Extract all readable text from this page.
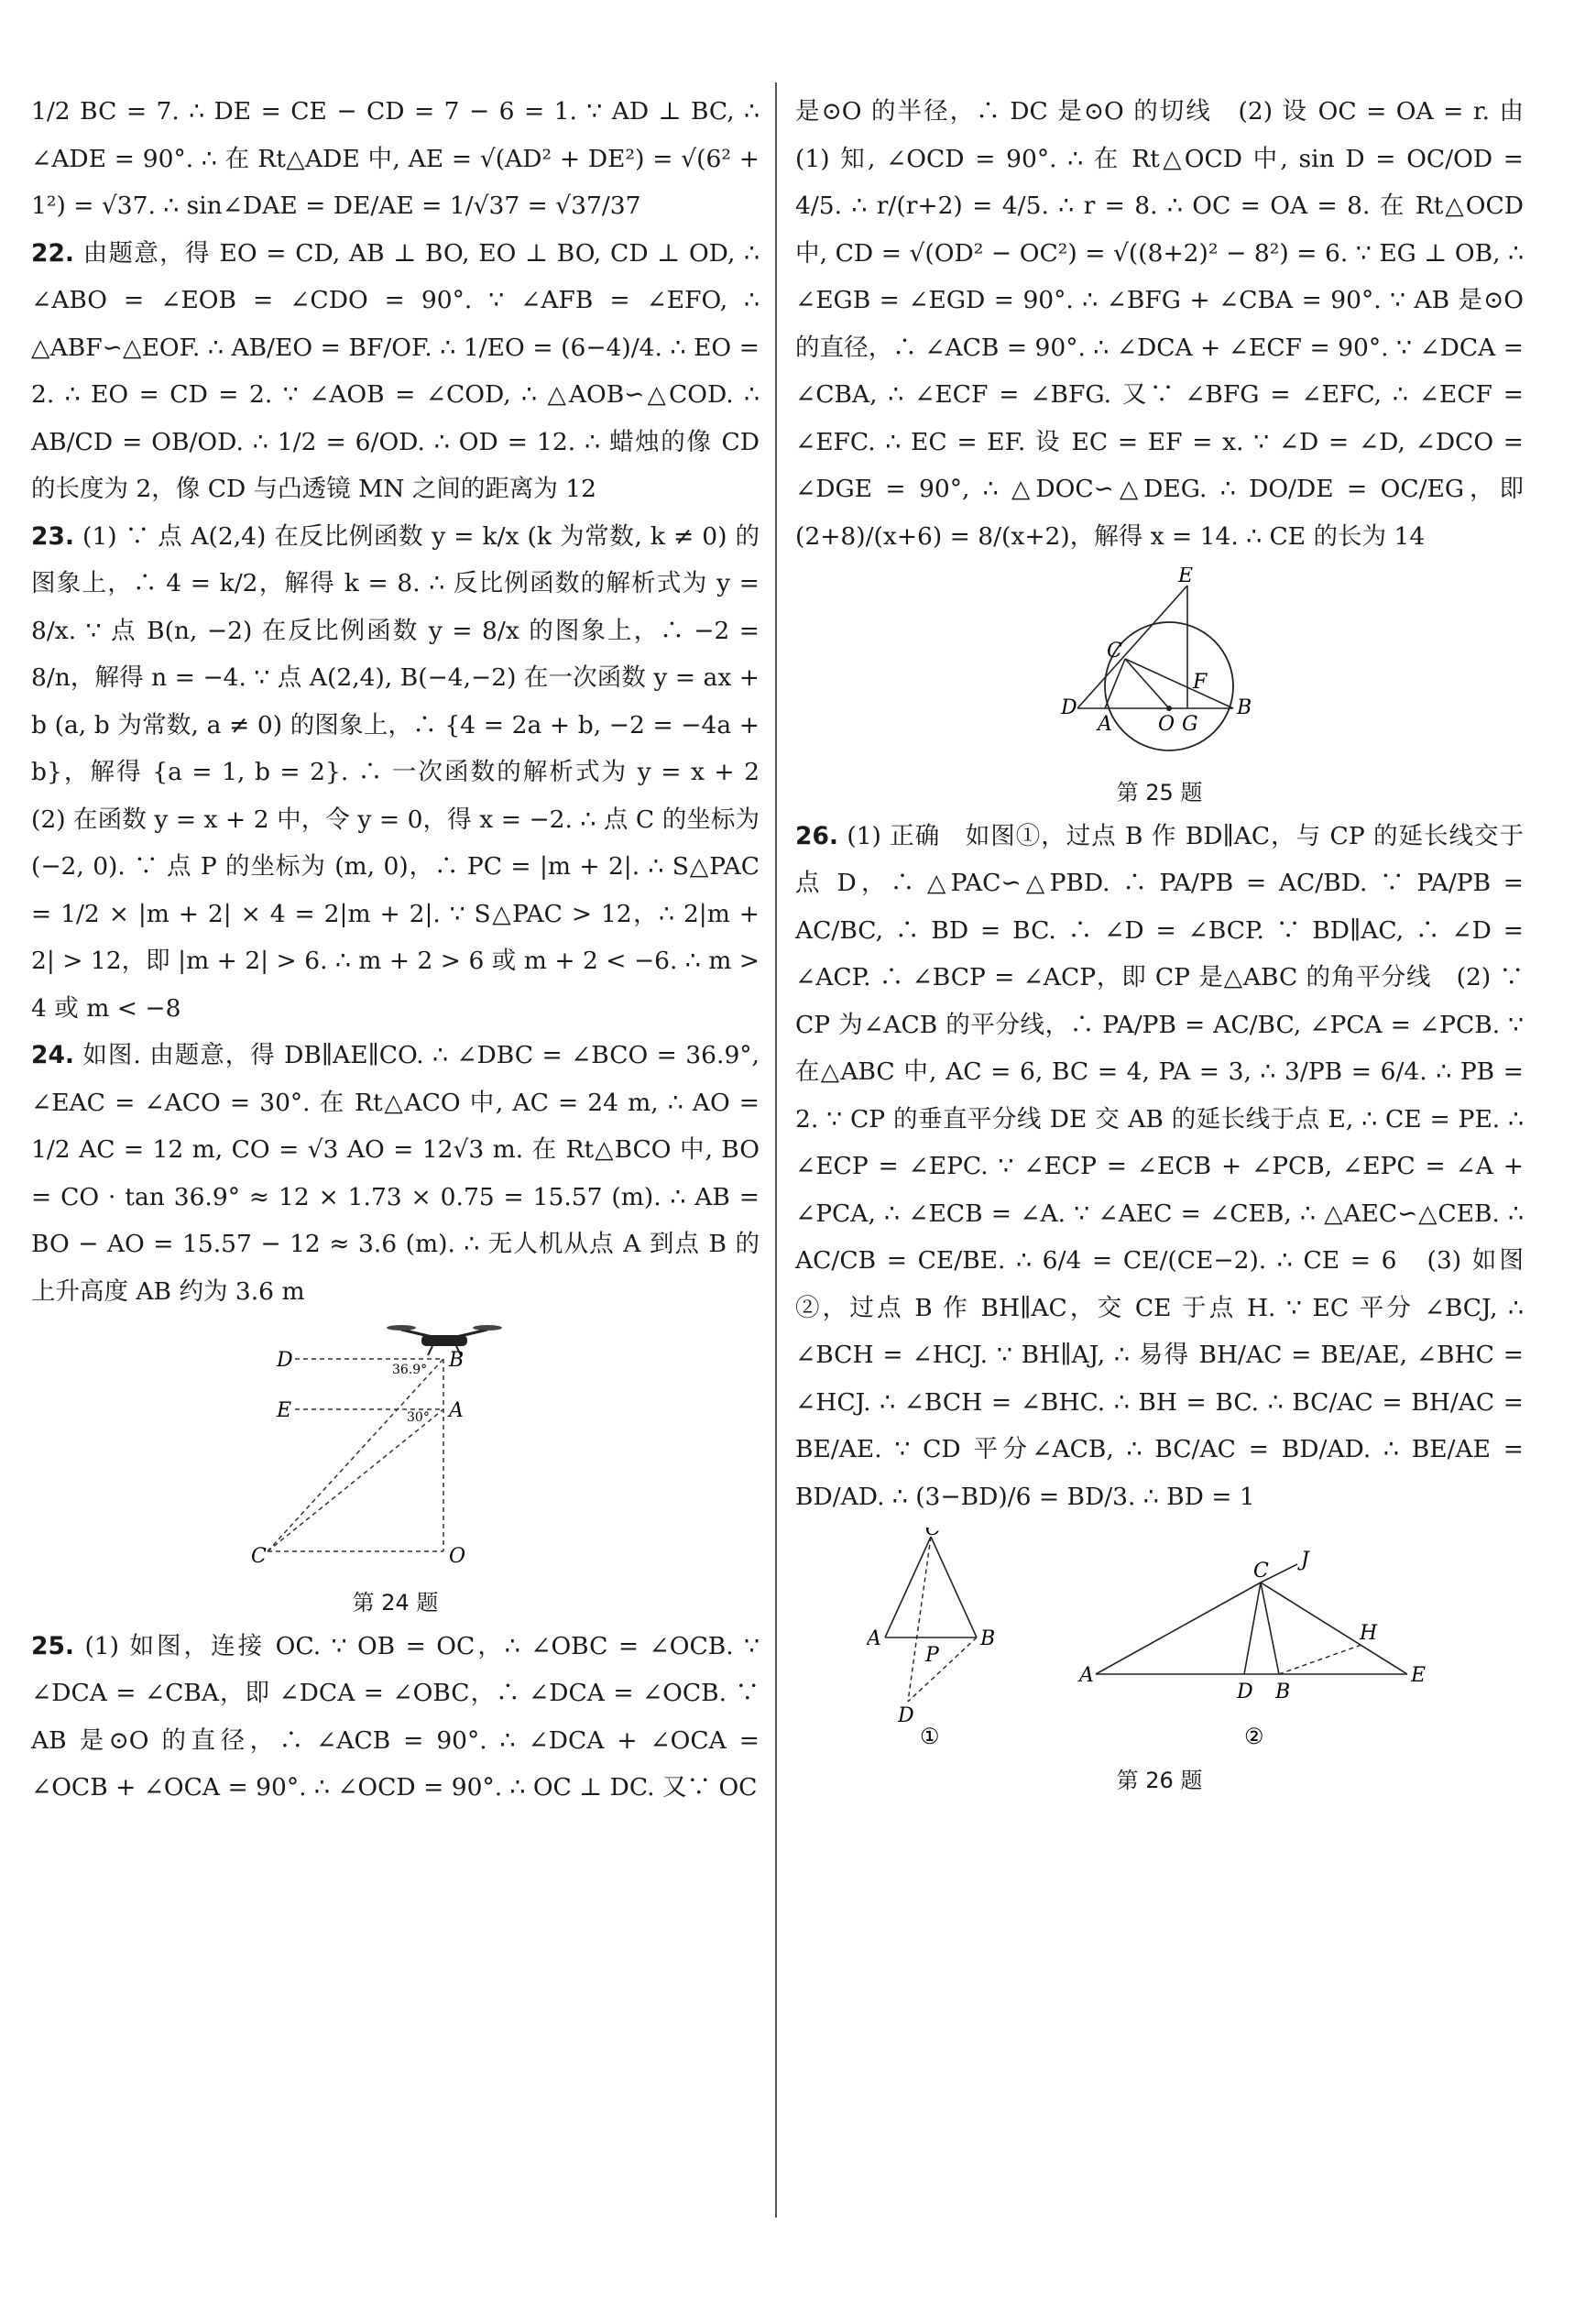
1/2 BC = 7. ∴ DE = CE − CD = 7 − 6 = 1. ∵ AD ⊥ BC, ∴ ∠ADE = 90°. ∴ 在 Rt△ADE 中, AE = √(AD² + DE²) = √(6² + 1²) = √37. ∴ sin∠DAE = DE/AE = 1/√37 = √37/37

22. 由题意，得 EO = CD, AB ⊥ BO, EO ⊥ BO, CD ⊥ OD, ∴ ∠ABO = ∠EOB = ∠CDO = 90°. ∵ ∠AFB = ∠EFO, ∴ △ABF∽△EOF. ∴ AB/EO = BF/OF. ∴ 1/EO = (6−4)/4. ∴ EO = 2. ∴ EO = CD = 2. ∵ ∠AOB = ∠COD, ∴ △AOB∽△COD. ∴ AB/CD = OB/OD. ∴ 1/2 = 6/OD. ∴ OD = 12. ∴ 蜡烛的像 CD 的长度为 2，像 CD 与凸透镜 MN 之间的距离为 12

23. (1) ∵ 点 A(2,4) 在反比例函数 y = k/x (k 为常数, k ≠ 0) 的图象上，∴ 4 = k/2，解得 k = 8. ∴ 反比例函数的解析式为 y = 8/x. ∵ 点 B(n, −2) 在反比例函数 y = 8/x 的图象上，∴ −2 = 8/n，解得 n = −4. ∵ 点 A(2,4), B(−4,−2) 在一次函数 y = ax + b (a, b 为常数, a ≠ 0) 的图象上，∴ {4 = 2a + b, −2 = −4a + b}，解得 {a = 1, b = 2}. ∴ 一次函数的解析式为 y = x + 2　(2) 在函数 y = x + 2 中，令 y = 0，得 x = −2. ∴ 点 C 的坐标为 (−2, 0). ∵ 点 P 的坐标为 (m, 0)，∴ PC = |m + 2|. ∴ S△PAC = 1/2 × |m + 2| × 4 = 2|m + 2|. ∵ S△PAC > 12，∴ 2|m + 2| > 12，即 |m + 2| > 6. ∴ m + 2 > 6 或 m + 2 < −6. ∴ m > 4 或 m < −8

24. 如图. 由题意，得 DB∥AE∥CO. ∴ ∠DBC = ∠BCO = 36.9°, ∠EAC = ∠ACO = 30°. 在 Rt△ACO 中, AC = 24 m, ∴ AO = 1/2 AC = 12 m, CO = √3 AO = 12√3 m. 在 Rt△BCO 中, BO = CO · tan 36.9° ≈ 12 × 1.73 × 0.75 = 15.57 (m). ∴ AB = BO − AO = 15.57 − 12 ≈ 3.6 (m). ∴ 无人机从点 A 到点 B 的上升高度 AB 约为 3.6 m

D	B
E	A
C	O
36.9°
30°
第 24 题

25. (1) 如图，连接 OC. ∵ OB = OC，∴ ∠OBC = ∠OCB. ∵ ∠DCA = ∠CBA，即 ∠DCA = ∠OBC，∴ ∠DCA = ∠OCB. ∵ AB 是⊙O 的直径，∴ ∠ACB = 90°. ∴ ∠DCA + ∠OCA = ∠OCB + ∠OCA = 90°. ∴ ∠OCD = 90°. ∴ OC ⊥ DC. 又∵ OC

是⊙O 的半径，∴ DC 是⊙O 的切线　(2) 设 OC = OA = r. 由 (1) 知, ∠OCD = 90°. ∴ 在 Rt△OCD 中, sin D = OC/OD = 4/5. ∴ r/(r+2) = 4/5. ∴ r = 8. ∴ OC = OA = 8. 在 Rt△OCD 中, CD = √(OD² − OC²) = √((8+2)² − 8²) = 6. ∵ EG ⊥ OB, ∴ ∠EGB = ∠EGD = 90°. ∴ ∠BFG + ∠CBA = 90°. ∵ AB 是⊙O 的直径，∴ ∠ACB = 90°. ∴ ∠DCA + ∠ECF = 90°. ∵ ∠DCA = ∠CBA, ∴ ∠ECF = ∠BFG. 又∵ ∠BFG = ∠EFC, ∴ ∠ECF = ∠EFC. ∴ EC = EF. 设 EC = EF = x. ∵ ∠D = ∠D, ∠DCO = ∠DGE = 90°, ∴ △DOC∽△DEG. ∴ DO/DE = OC/EG，即 (2+8)/(x+6) = 8/(x+2)，解得 x = 14. ∴ CE 的长为 14

E
C
F
D
A O G
B
第 25 题

26. (1) 正确　如图①，过点 B 作 BD∥AC，与 CP 的延长线交于点 D，∴ △PAC∽△PBD. ∴ PA/PB = AC/BD. ∵ PA/PB = AC/BC, ∴ BD = BC. ∴ ∠D = ∠BCP. ∵ BD∥AC, ∴ ∠D = ∠ACP. ∴ ∠BCP = ∠ACP，即 CP 是△ABC 的角平分线　(2) ∵ CP 为∠ACB 的平分线，∴ PA/PB = AC/BC, ∠PCA = ∠PCB. ∵ 在△ABC 中, AC = 6, BC = 4, PA = 3, ∴ 3/PB = 6/4. ∴ PB = 2. ∵ CP 的垂直平分线 DE 交 AB 的延长线于点 E, ∴ CE = PE. ∴ ∠ECP = ∠EPC. ∵ ∠ECP = ∠ECB + ∠PCB, ∠EPC = ∠A + ∠PCA, ∴ ∠ECB = ∠A. ∵ ∠AEC = ∠CEB, ∴ △AEC∽△CEB. ∴ AC/CB = CE/BE. ∴ 6/4 = CE/(CE−2). ∴ CE = 6　(3) 如图②，过点 B 作 BH∥AC，交 CE 于点 H. ∵ EC 平分 ∠BCJ, ∴ ∠BCH = ∠HCJ. ∵ BH∥AJ, ∴ 易得 BH/AC = BE/AE, ∠BHC = ∠HCJ. ∴ ∠BCH = ∠BHC. ∴ BH = BC. ∴ BC/AC = BH/AC = BE/AE. ∵ CD 平分∠ACB, ∴ BC/AC = BD/AD. ∴ BE/AE = BD/AD. ∴ (3−BD)/6 = BD/3. ∴ BD = 1

C
A
P
B
D
①
C J
H
A
D B
E
②
第 26 题
